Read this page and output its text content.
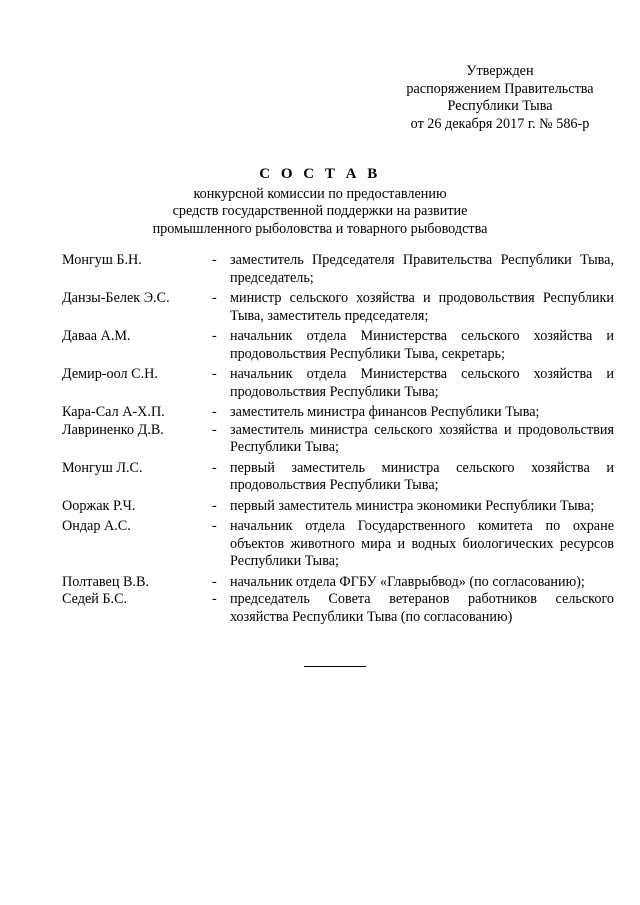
Утвержден
распоряжением Правительства
Республики Тыва
от 26 декабря 2017 г. № 586-р
С О С Т А В
конкурсной комиссии по предоставлению
средств государственной поддержки на развитие
промышленного рыболовства и товарного рыбоводства
Монгуш Б.Н.	- заместитель Председателя Правительства Республики Тыва, председатель;
Данзы-Белек Э.С.	- министр сельского хозяйства и продовольствия Республики Тыва, заместитель председателя;
Даваа А.М.	- начальник отдела Министерства сельского хозяйства и продовольствия Республики Тыва, секретарь;
Демир-оол С.Н.	- начальник отдела Министерства сельского хозяйства и продовольствия Республики Тыва;
Кара-Сал А-Х.П.	- заместитель министра финансов Республики Тыва;
Лавриненко Д.В.	- заместитель министра сельского хозяйства и продовольствия Республики Тыва;
Монгуш Л.С.	- первый заместитель министра сельского хозяйства и продовольствия Республики Тыва;
Ооржак Р.Ч.	- первый заместитель министра экономики Республики Тыва;
Ондар А.С.	- начальник отдела Государственного комитета по охране объектов животного мира и водных биологических ресурсов Республики Тыва;
Полтавец В.В.	- начальник отдела ФГБУ «Главрыбвод» (по согласованию);
Седей Б.С.	- председатель Совета ветеранов работников сельского хозяйства Республики Тыва (по согласованию)
